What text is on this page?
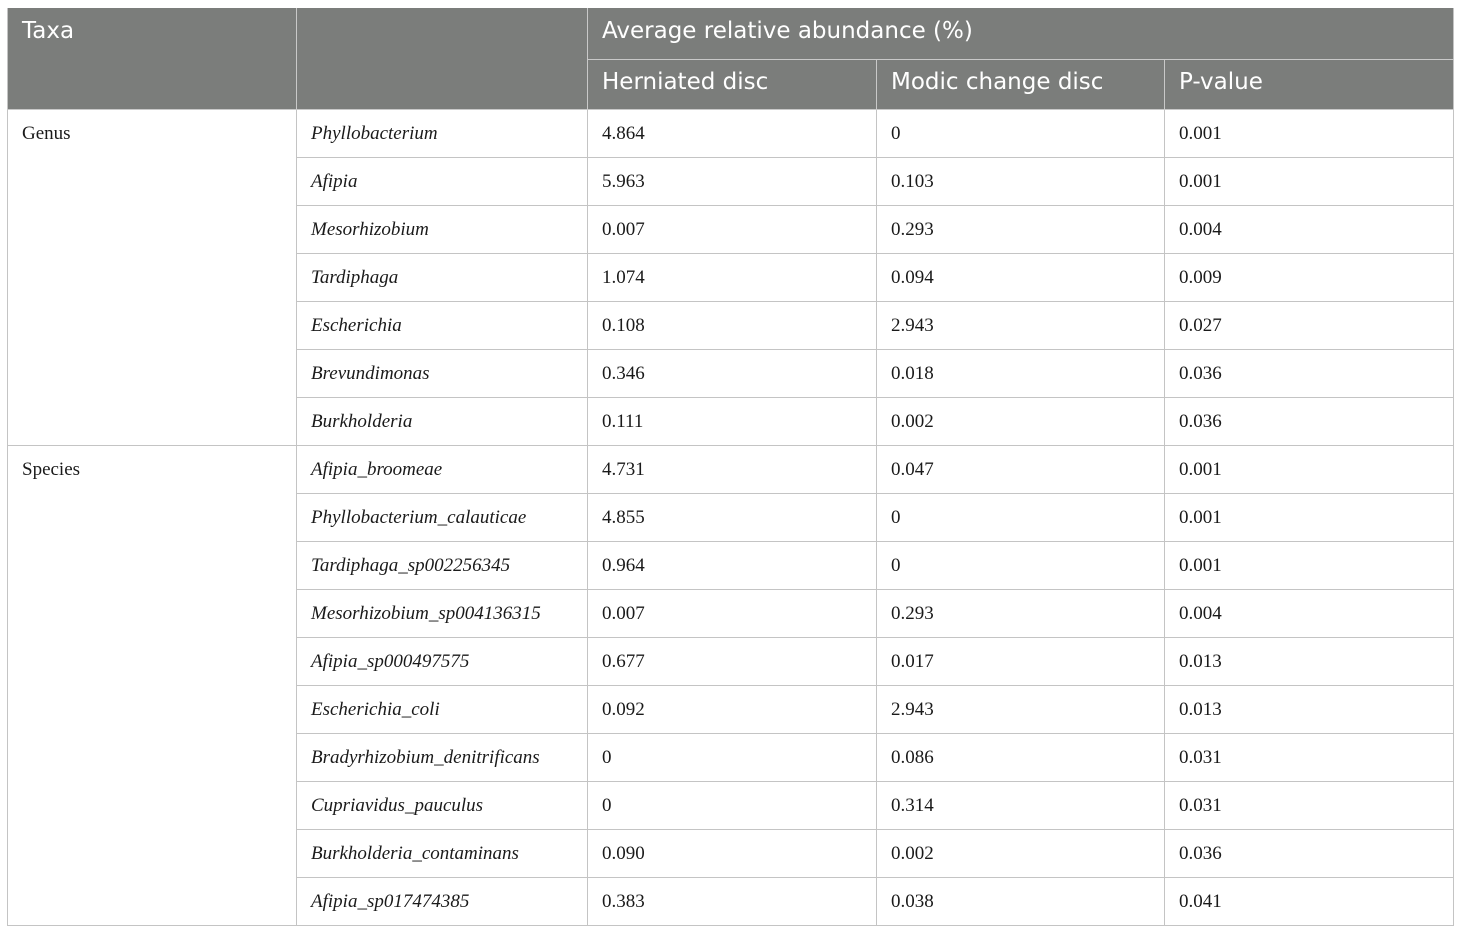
Taxa		Average relative abundance (%)		
		Herniated disc	Modic change disc	P-value
Genus	Phyllobacterium	4.864	0	0.001
	Afipia	5.963	0.103	0.001
	Mesorhizobium	0.007	0.293	0.004
	Tardiphaga	1.074	0.094	0.009
	Escherichia	0.108	2.943	0.027
	Brevundimonas	0.346	0.018	0.036
	Burkholderia	0.111	0.002	0.036
Species	Afipia_broomeae	4.731	0.047	0.001
	Phyllobacterium_calauticae	4.855	0	0.001
	Tardiphaga_sp002256345	0.964	0	0.001
	Mesorhizobium_sp004136315	0.007	0.293	0.004
	Afipia_sp000497575	0.677	0.017	0.013
	Escherichia_coli	0.092	2.943	0.013
	Bradyrhizobium_denitrificans	0	0.086	0.031
	Cupriavidus_pauculus	0	0.314	0.031
	Burkholderia_contaminans	0.090	0.002	0.036
	Afipia_sp017474385	0.383	0.038	0.041
